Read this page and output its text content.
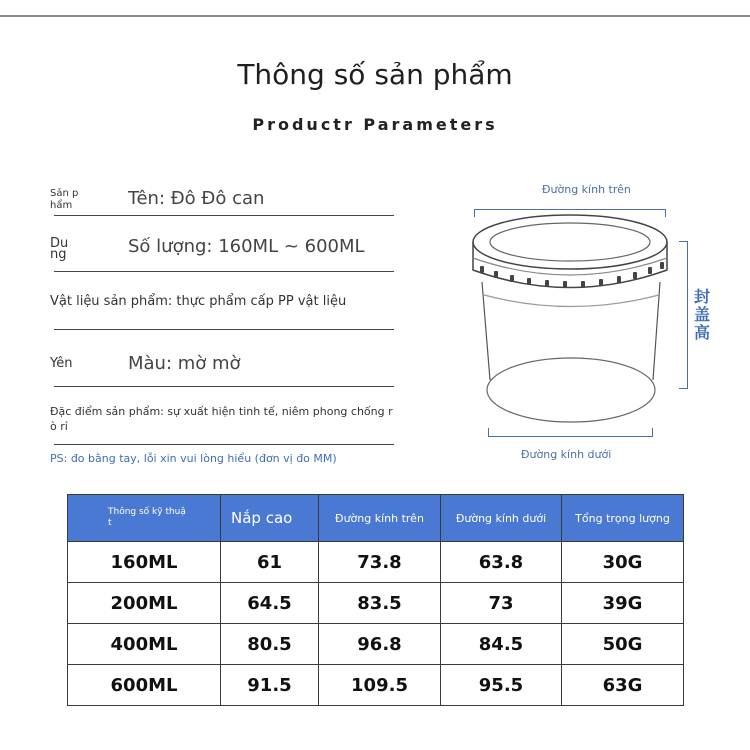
Thông số sản phẩm
Productr Parameters
Sản p
hẩm	Tên: Đô Đô can
Du
ng	Số lượng: 160ML ~ 600ML
Vật liệu sản phẩm: thực phẩm cấp PP vật liệu
Yên	Màu: mờ mờ
Đặc điểm sản phẩm: sự xuất hiện tinh tế, niêm phong chống r
ò rỉ
PS: đo bằng tay, lỗi xin vui lòng hiểu (đơn vị đo MM)
Đường kính trên
封盖高
Đường kính dưới
Thông số kỹ thuậ
t	Nắp cao	Đường kính trên	Đường kính dưới	Tổng trọng lượng
160ML	61	73.8	63.8	30G
200ML	64.5	83.5	73	39G
400ML	80.5	96.8	84.5	50G
600ML	91.5	109.5	95.5	63G
